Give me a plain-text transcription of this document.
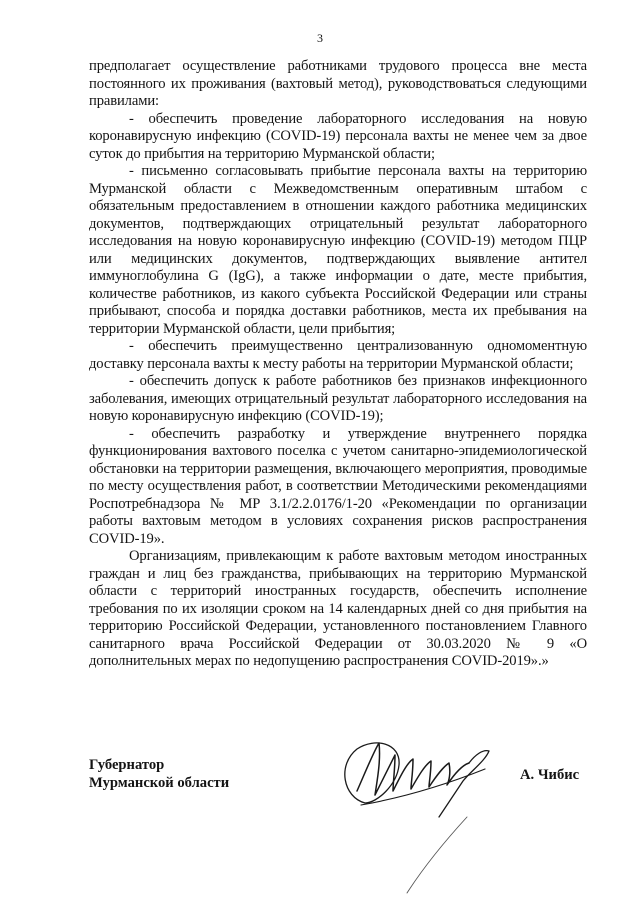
3

предполагает осуществление работниками трудового процесса вне места постоянного их проживания (вахтовый метод), руководствоваться следующими правилами:

- обеспечить проведение лабораторного исследования на новую коронавирусную инфекцию (COVID-19) персонала вахты не менее чем за двое суток до прибытия на территорию Мурманской области;

- письменно согласовывать прибытие персонала вахты на территорию Мурманской области с Межведомственным оперативным штабом с обязательным предоставлением в отношении каждого работника медицинских документов, подтверждающих отрицательный результат лабораторного исследования на новую коронавирусную инфекцию (COVID-19) методом ПЦР или медицинских документов, подтверждающих выявление антител иммуноглобулина G (IgG), а также информации о дате, месте прибытия, количестве работников, из какого субъекта Российской Федерации или страны прибывают, способа и порядка доставки работников, места их пребывания на территории Мурманской области, цели прибытия;

- обеспечить преимущественно централизованную одномоментную доставку персонала вахты к месту работы на территории Мурманской области;

- обеспечить допуск к работе работников без признаков инфекционного заболевания, имеющих отрицательный результат лабораторного исследования на новую коронавирусную инфекцию (COVID-19);

- обеспечить разработку и утверждение внутреннего порядка функционирования вахтового поселка с учетом санитарно-эпидемиологической обстановки на территории размещения, включающего мероприятия, проводимые по месту осуществления работ, в соответствии Методическими рекомендациями Роспотребнадзора № МР 3.1/2.2.0176/1-20 «Рекомендации по организации работы вахтовым методом в условиях сохранения рисков распространения COVID-19».

Организациям, привлекающим к работе вахтовым методом иностранных граждан и лиц без гражданства, прибывающих на территорию Мурманской области с территорий иностранных государств, обеспечить исполнение требования по их изоляции сроком на 14 календарных дней со дня прибытия на территорию Российской Федерации, установленного постановлением Главного санитарного врача Российской Федерации от 30.03.2020 № 9 «О дополнительных мерах по недопущению распространения COVID-2019».»

Губернатор
Мурманской области	А. Чибис
